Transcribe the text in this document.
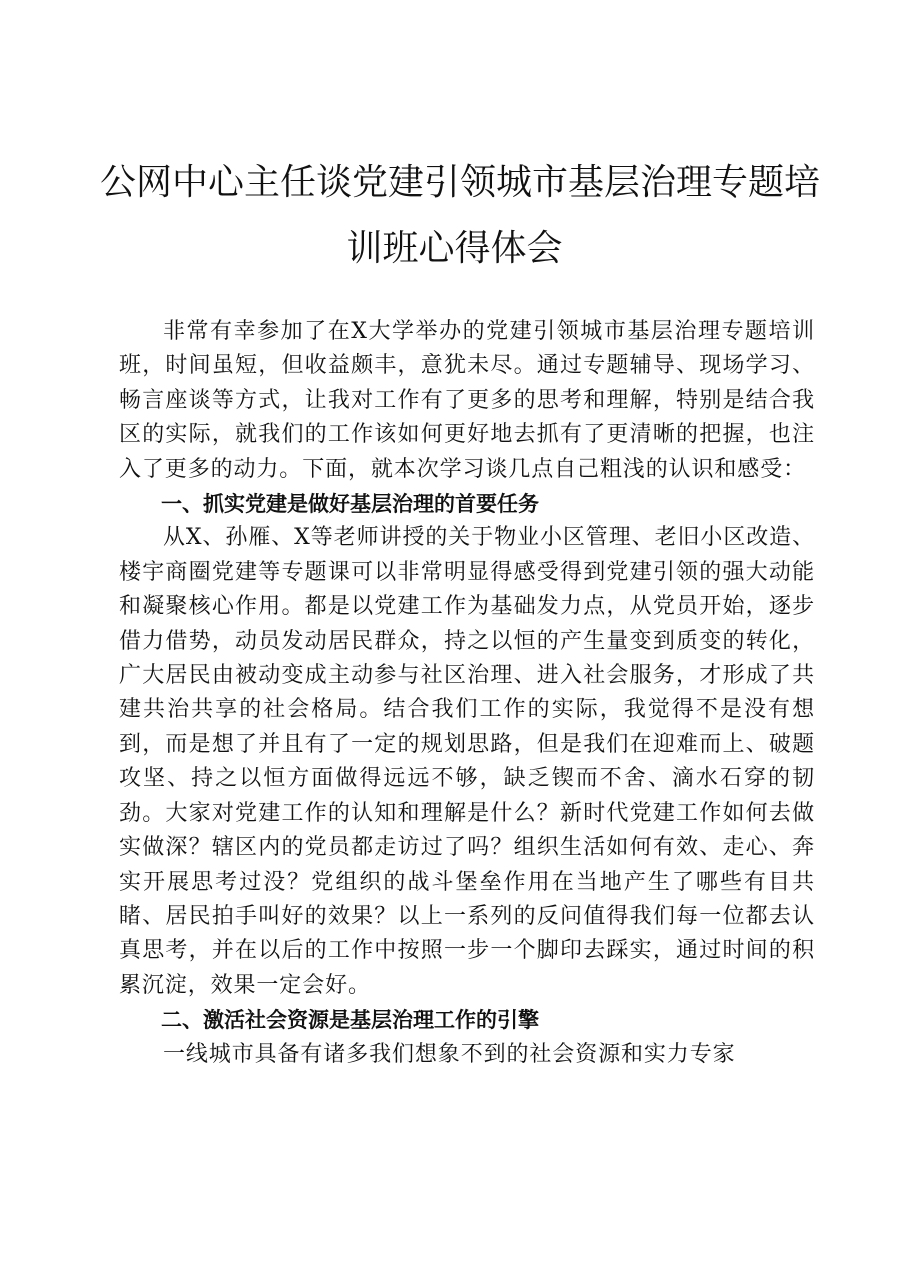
公网中心主任谈党建引领城市基层治理专题培
训班心得体会

非常有幸参加了在X大学举办的党建引领城市基层治理专题培训班，时间虽短，但收益颇丰，意犹未尽。通过专题辅导、现场学习、畅言座谈等方式，让我对工作有了更多的思考和理解，特别是结合我区的实际，就我们的工作该如何更好地去抓有了更清晰的把握，也注入了更多的动力。下面，就本次学习谈几点自己粗浅的认识和感受：

一、抓实党建是做好基层治理的首要任务

从X、孙雁、X等老师讲授的关于物业小区管理、老旧小区改造、楼宇商圈党建等专题课可以非常明显得感受得到党建引领的强大动能和凝聚核心作用。都是以党建工作为基础发力点，从党员开始，逐步借力借势，动员发动居民群众，持之以恒的产生量变到质变的转化，广大居民由被动变成主动参与社区治理、进入社会服务，才形成了共建共治共享的社会格局。结合我们工作的实际，我觉得不是没有想到，而是想了并且有了一定的规划思路，但是我们在迎难而上、破题攻坚、持之以恒方面做得远远不够，缺乏锲而不舍、滴水石穿的韧劲。大家对党建工作的认知和理解是什么？新时代党建工作如何去做实做深？辖区内的党员都走访过了吗？组织生活如何有效、走心、奔实开展思考过没？党组织的战斗堡垒作用在当地产生了哪些有目共睹、居民拍手叫好的效果？以上一系列的反问值得我们每一位都去认真思考，并在以后的工作中按照一步一个脚印去踩实，通过时间的积累沉淀，效果一定会好。

二、激活社会资源是基层治理工作的引擎

一线城市具备有诸多我们想象不到的社会资源和实力专家
